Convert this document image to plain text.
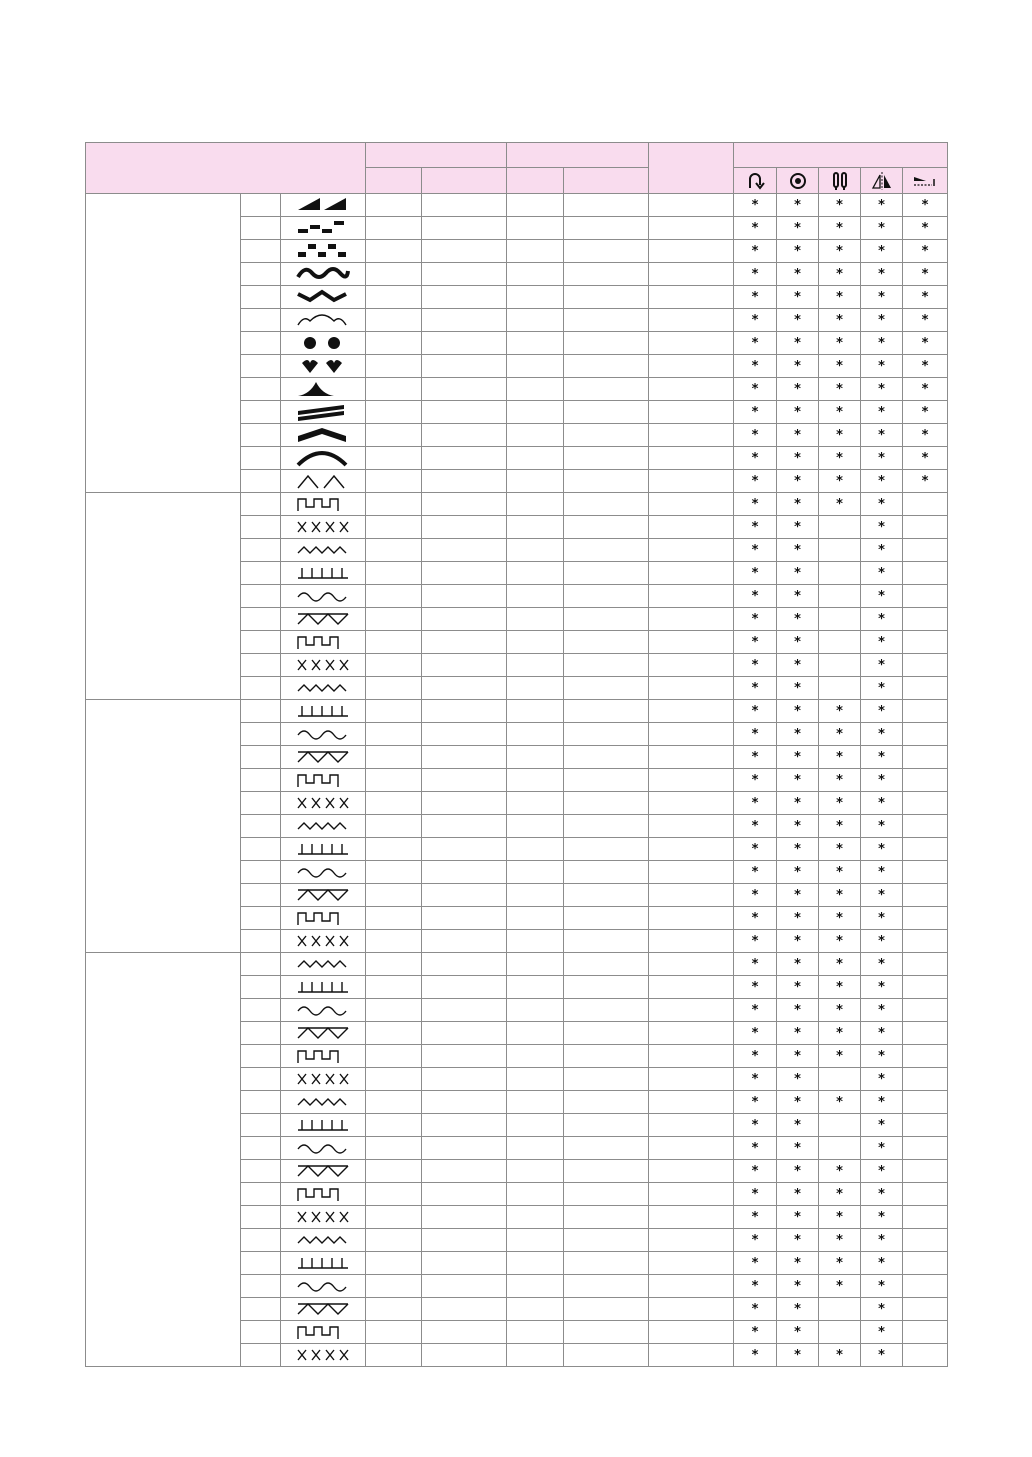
						*	*	*	*	*

						*	*	*	*	*

						*	*	*	*	*

						*	*	*	*	*

						*	*	*	*	*

						*	*	*	*	*

						*	*	*	*	*

						*	*	*	*	*

						*	*	*	*	*

						*	*	*	*	*

						*	*	*	*	*

						*	*	*	*	*

						*	*	*	*	*

						*	*	*	*	

						*	*		*	

						*	*		*	

						*	*		*	

						*	*		*	

						*	*		*	

						*	*		*	

						*	*		*	

						*	*		*	

						*	*	*	*	

						*	*	*	*	

						*	*	*	*	

						*	*	*	*	

						*	*	*	*	

						*	*	*	*	

						*	*	*	*	

						*	*	*	*	

						*	*	*	*	

						*	*	*	*	

						*	*	*	*	

						*	*	*	*	

						*	*	*	*	

						*	*	*	*	

						*	*	*	*	

						*	*	*	*	

						*	*		*	

						*	*	*	*	

						*	*		*	

						*	*		*	

						*	*	*	*	

						*	*	*	*	

						*	*	*	*	

						*	*	*	*	

						*	*	*	*	

						*	*	*	*	

						*	*		*	

						*	*		*	

						*	*	*	*	
